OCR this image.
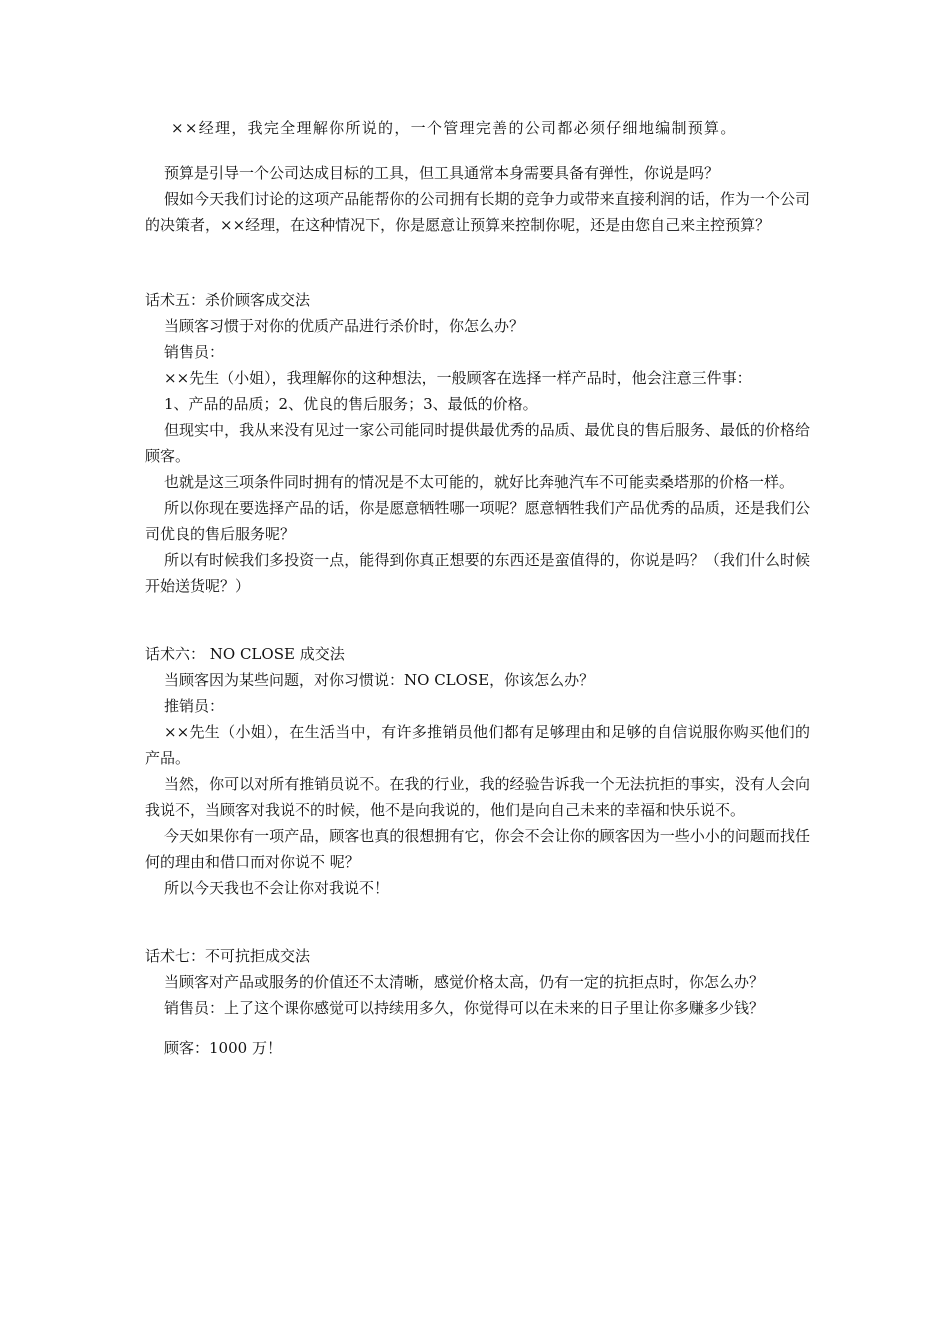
××经理，我完全理解你所说的，一个管理完善的公司都必须仔细地编制预算。

预算是引导一个公司达成目标的工具，但工具通常本身需要具备有弹性，你说是吗？

假如今天我们讨论的这项产品能帮你的公司拥有长期的竞争力或带来直接利润的话，作为一个公司的决策者，××经理，在这种情况下，你是愿意让预算来控制你呢，还是由您自己来主控预算？

话术五：杀价顾客成交法

当顾客习惯于对你的优质产品进行杀价时，你怎么办？

销售员：

××先生（小姐），我理解你的这种想法，一般顾客在选择一样产品时，他会注意三件事：

1、产品的品质；2、优良的售后服务；3、最低的价格。

但现实中，我从来没有见过一家公司能同时提供最优秀的品质、最优良的售后服务、最低的价格给顾客。

也就是这三项条件同时拥有的情况是不太可能的，就好比奔驰汽车不可能卖桑塔那的价格一样。

所以你现在要选择产品的话，你是愿意牺牲哪一项呢？愿意牺牲我们产品优秀的品质，还是我们公司优良的售后服务呢？

所以有时候我们多投资一点，能得到你真正想要的东西还是蛮值得的，你说是吗？（我们什么时候开始送货呢？）

话术六： NO CLOSE 成交法

当顾客因为某些问题，对你习惯说：NO CLOSE，你该怎么办？

推销员：

××先生（小姐），在生活当中，有许多推销员他们都有足够理由和足够的自信说服你购买他们的产品。

当然，你可以对所有推销员说不。在我的行业，我的经验告诉我一个无法抗拒的事实，没有人会向我说不，当顾客对我说不的时候，他不是向我说的，他们是向自己未来的幸福和快乐说不。

今天如果你有一项产品，顾客也真的很想拥有它，你会不会让你的顾客因为一些小小的问题而找任何的理由和借口而对你说不 呢？

所以今天我也不会让你对我说不！

话术七：不可抗拒成交法

当顾客对产品或服务的价值还不太清晰，感觉价格太高，仍有一定的抗拒点时，你怎么办？

销售员：上了这个课你感觉可以持续用多久，你觉得可以在未来的日子里让你多赚多少钱？

顾客：1000 万！
